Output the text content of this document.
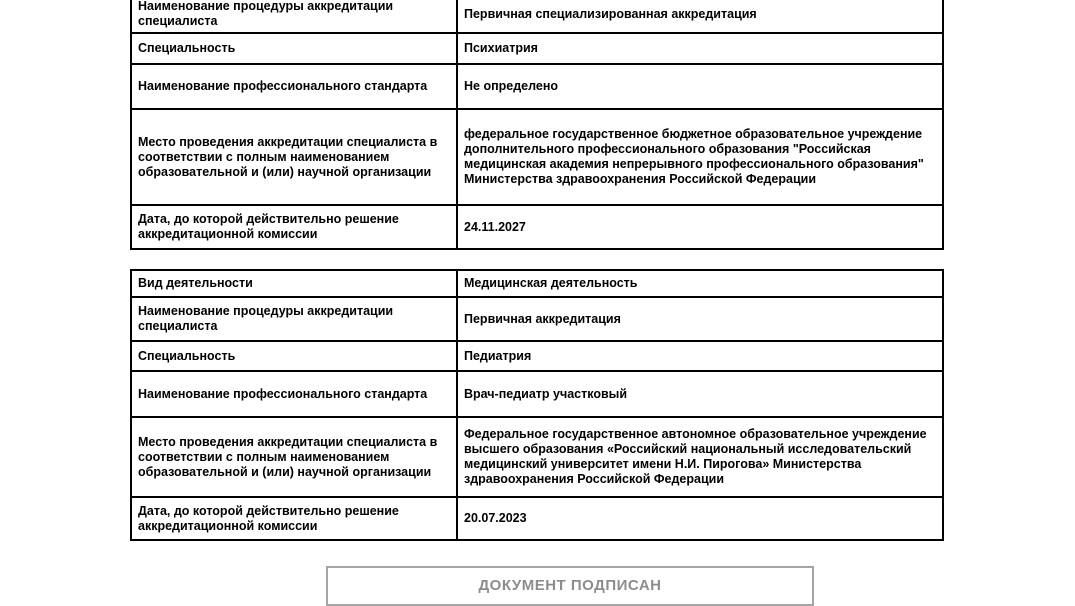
Наименование процедуры аккредитации специалиста	Первичная специализированная аккредитация
Специальность	Психиатрия
Наименование профессионального стандарта	Не определено
Место проведения аккредитации специалиста в соответствии с полным наименованием образовательной и (или) научной организации	федеральное государственное бюджетное образовательное учреждение дополнительного профессионального образования "Российская медицинская академия непрерывного профессионального образования" Министерства здравоохранения Российской Федерации
Дата, до которой действительно решение аккредитационной комиссии	24.11.2027
Вид деятельности	Медицинская деятельность
Наименование процедуры аккредитации специалиста	Первичная аккредитация
Специальность	Педиатрия
Наименование профессионального стандарта	Врач-педиатр участковый
Место проведения аккредитации специалиста в соответствии с полным наименованием образовательной и (или) научной организации	Федеральное государственное автономное образовательное учреждение высшего образования «Российский национальный исследовательский медицинский университет имени Н.И. Пирогова» Министерства здравоохранения Российской Федерации
Дата, до которой действительно решение аккредитационной комиссии	20.07.2023
ДОКУМЕНТ ПОДПИСАН
